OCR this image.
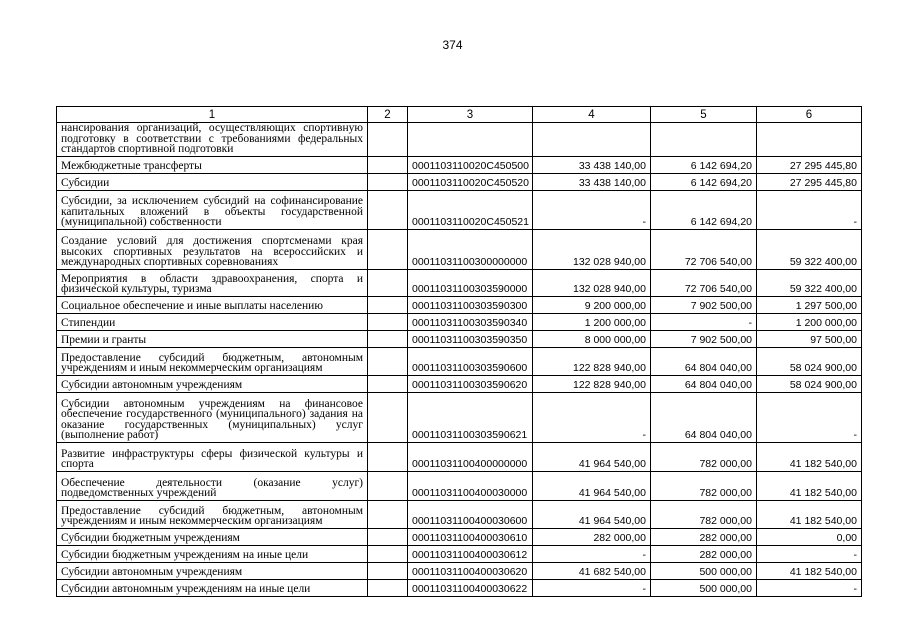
374
1	2	3	4	5	6
нансирования организаций, осуществляющих спортивную подготовку в соответствии с требованиями федеральных стандартов спортивной подготовки					
Межбюджетные трансферты		0001103110020С450500	33 438 140,00	6 142 694,20	27 295 445,80
Субсидии		0001103110020С450520	33 438 140,00	6 142 694,20	27 295 445,80
Субсидии, за исключением субсидий на софинансирование капитальных вложений в объекты государственной (муниципальной) собственности		0001103110020С450521	-	6 142 694,20	-
Создание условий для достижения спортсменами края высоких спортивных результатов на всероссийских и международных спортивных соревнованиях		00011031100300000000	132 028 940,00	72 706 540,00	59 322 400,00
Мероприятия в области здравоохранения, спорта и физической культуры, туризма		00011031100303590000	132 028 940,00	72 706 540,00	59 322 400,00
Социальное обеспечение и иные выплаты населению		00011031100303590300	9 200 000,00	7 902 500,00	1 297 500,00
Стипендии		00011031100303590340	1 200 000,00	-	1 200 000,00
Премии и гранты		00011031100303590350	8 000 000,00	7 902 500,00	97 500,00
Предоставление субсидий бюджетным, автономным учреждениям и иным некоммерческим организациям		00011031100303590600	122 828 940,00	64 804 040,00	58 024 900,00
Субсидии автономным учреждениям		00011031100303590620	122 828 940,00	64 804 040,00	58 024 900,00
Субсидии автономным учреждениям на финансовое обеспечение государственного (муниципального) задания на оказание государственных (муниципальных) услуг (выполнение работ)		00011031100303590621	-	64 804 040,00	-
Развитие инфраструктуры сферы физической культуры и спорта		00011031100400000000	41 964 540,00	782 000,00	41 182 540,00
Обеспечение деятельности (оказание услуг) подведомственных учреждений		00011031100400030000	41 964 540,00	782 000,00	41 182 540,00
Предоставление субсидий бюджетным, автономным учреждениям и иным некоммерческим организациям		00011031100400030600	41 964 540,00	782 000,00	41 182 540,00
Субсидии бюджетным учреждениям		00011031100400030610	282 000,00	282 000,00	0,00
Субсидии бюджетным учреждениям на иные цели		00011031100400030612	-	282 000,00	-
Субсидии автономным учреждениям		00011031100400030620	41 682 540,00	500 000,00	41 182 540,00
Субсидии автономным учреждениям на иные цели		00011031100400030622	-	500 000,00	-
